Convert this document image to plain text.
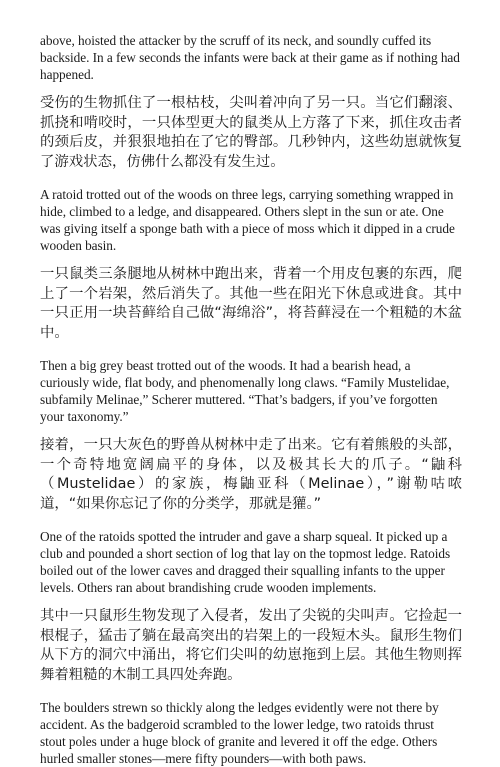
above, hoisted the attacker by the scruff of its neck, and soundly cuffed its backside. In a few seconds the infants were back at their game as if nothing had happened.

受伤的生物抓住了一根枯枝，尖叫着冲向了另一只。当它们翻滚、抓挠和啃咬时，一只体型更大的鼠类从上方落了下来，抓住攻击者的颈后皮，并狠狠地拍在了它的臀部。几秒钟内，这些幼崽就恢复了游戏状态，仿佛什么都没有发生过。

A ratoid trotted out of the woods on three legs, carrying something wrapped in hide, climbed to a ledge, and disappeared. Others slept in the sun or ate. One was giving itself a sponge bath with a piece of moss which it dipped in a crude wooden basin.

一只鼠类三条腿地从树林中跑出来，背着一个用皮包裹的东西，爬上了一个岩架，然后消失了。其他一些在阳光下休息或进食。其中一只正用一块苔藓给自己做“海绵浴”，将苔藓浸在一个粗糙的木盆中。

Then a big grey beast trotted out of the woods. It had a bearish head, a curiously wide, flat body, and phenomenally long claws. “Family Mustelidae, subfamily Melinae,” Scherer muttered. “That’s badgers, if you’ve forgotten your taxonomy.”

接着，一只大灰色的野兽从树林中走了出来。它有着熊般的头部，一个奇特地宽阔扁平的身体，以及极其长大的爪子。“鼬科（Mustelidae）的家族，梅鼬亚科（Melinae），”谢勒咕哝道，“如果你忘记了你的分类学，那就是獾。”

One of the ratoids spotted the intruder and gave a sharp squeal. It picked up a club and pounded a short section of log that lay on the topmost ledge. Ratoids boiled out of the lower caves and dragged their squalling infants to the upper levels. Others ran about brandishing crude wooden implements.

其中一只鼠形生物发现了入侵者，发出了尖锐的尖叫声。它捡起一根棍子，猛击了躺在最高突出的岩架上的一段短木头。鼠形生物们从下方的洞穴中涌出，将它们尖叫的幼崽拖到上层。其他生物则挥舞着粗糙的木制工具四处奔跑。

The boulders strewn so thickly along the ledges evidently were not there by accident. As the badgeroid scrambled to the lower ledge, two ratoids thrust stout poles under a huge block of granite and levered it off the edge. Others hurled smaller stones—mere fifty pounders—with both paws.
